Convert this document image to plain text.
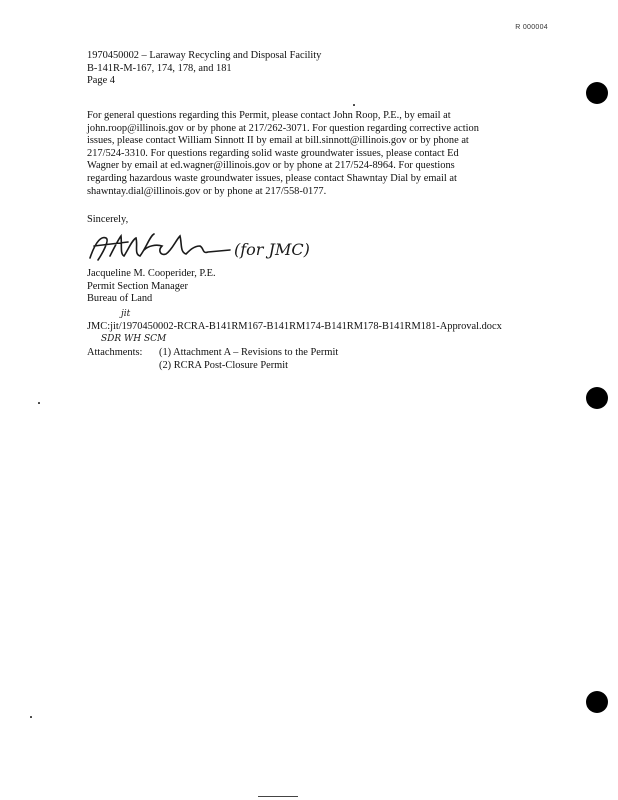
R 000004
1970450002 – Laraway Recycling and Disposal Facility
B-141R-M-167, 174, 178, and 181
Page 4
For general questions regarding this Permit, please contact John Roop, P.E., by email at
john.roop@illinois.gov or by phone at 217/262-3071. For question regarding corrective action
issues, please contact William Sinnott II by email at bill.sinnott@illinois.gov or by phone at
217/524-3310. For questions regarding solid waste groundwater issues, please contact Ed
Wagner by email at ed.wagner@illinois.gov or by phone at 217/524-8964. For questions
regarding hazardous waste groundwater issues, please contact Shawntay Dial by email at
shawntay.dial@illinois.gov or by phone at 217/558-0177.
Sincerely,
(for JMC)
Jacqueline M. Cooperider, P.E.
Permit Section Manager
Bureau of Land
jit
SDR WH SCM
JMC:jit/1970450002-RCRA-B141RM167-B141RM174-B141RM178-B141RM181-Approval.docx
Attachments:	(1) Attachment A – Revisions to the Permit
(2) RCRA Post-Closure Permit
